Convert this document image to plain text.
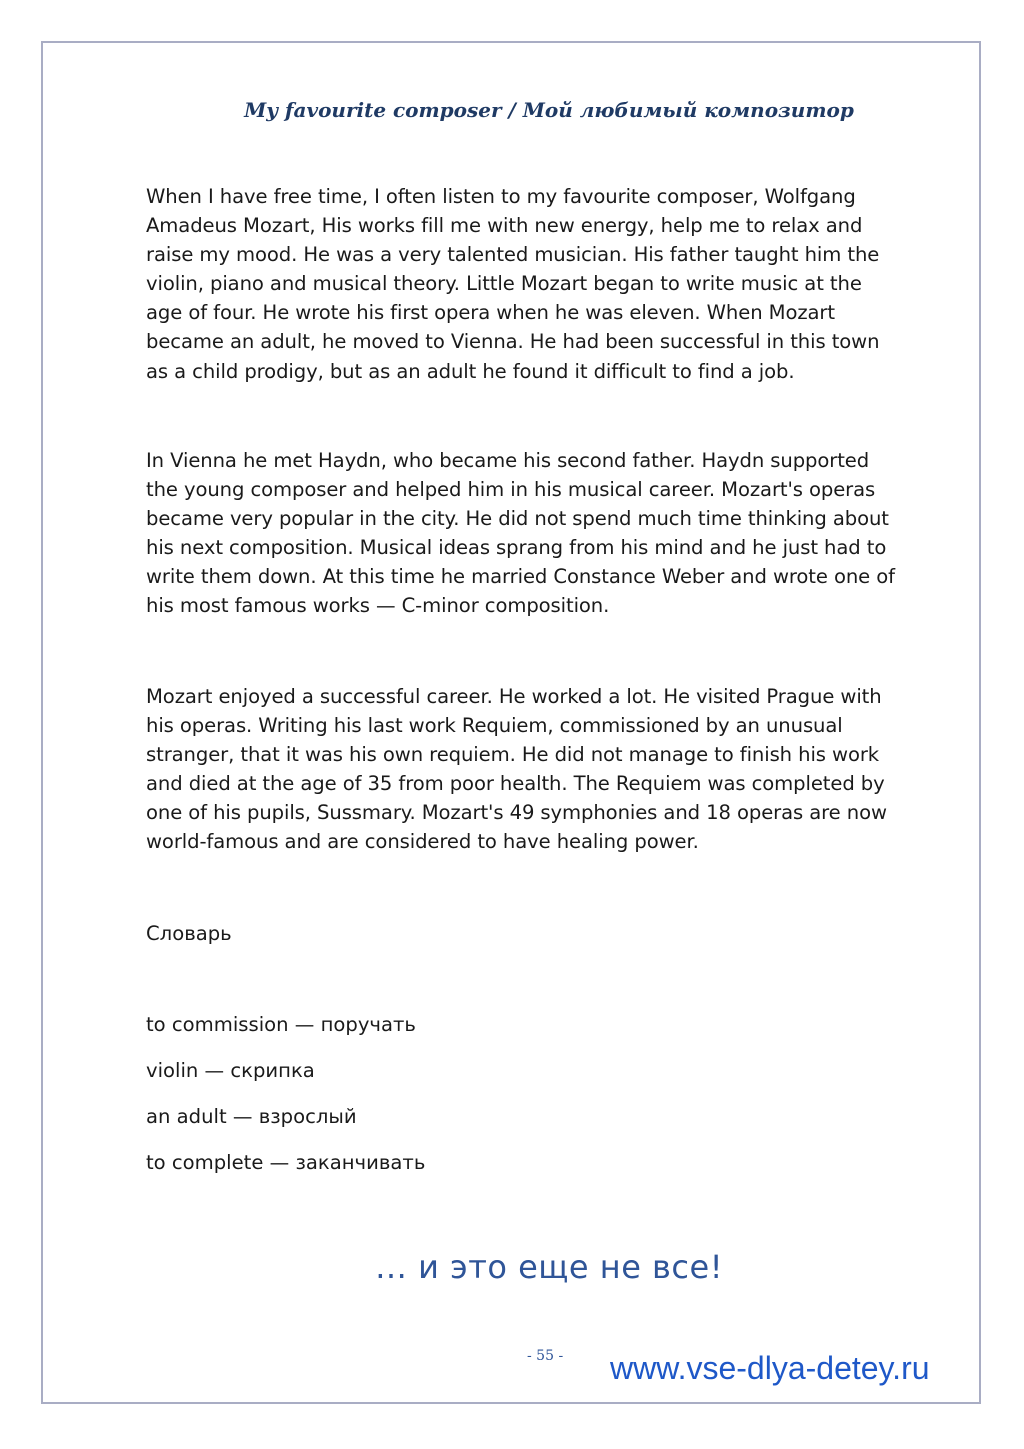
My favourite composer / Мой любимый композитор

When I have free time, I often listen to my favourite composer, Wolfgang
Amadeus Mozart, His works fill me with new energy, help me to relax and
raise my mood. He was a very talented musician. His father taught him the
violin, piano and musical theory. Little Mozart began to write music at the
age of four. He wrote his first opera when he was eleven. When Mozart
became an adult, he moved to Vienna. He had been successful in this town
as a child prodigy, but as an adult he found it difficult to find a job.

In Vienna he met Haydn, who became his second father. Haydn supported
the young composer and helped him in his musical career. Mozart's operas
became very popular in the city. He did not spend much time thinking about
his next composition. Musical ideas sprang from his mind and he just had to
write them down. At this time he married Constance Weber and wrote one of
his most famous works — C-minor composition.

Mozart enjoyed a successful career. He worked a lot. He visited Prague with
his operas. Writing his last work Requiem, commissioned by an unusual
stranger, that it was his own requiem. He did not manage to finish his work
and died at the age of 35 from poor health. The Requiem was completed by
one of his pupils, Sussmary. Mozart's 49 symphonies and 18 operas are now
world-famous and are considered to have healing power.

Словарь

to commission — поручать
violin — скрипка
an adult — взрослый
to complete — заканчивать
… и это еще не все!
- 55 - www.vse-dlya-detey.ru
